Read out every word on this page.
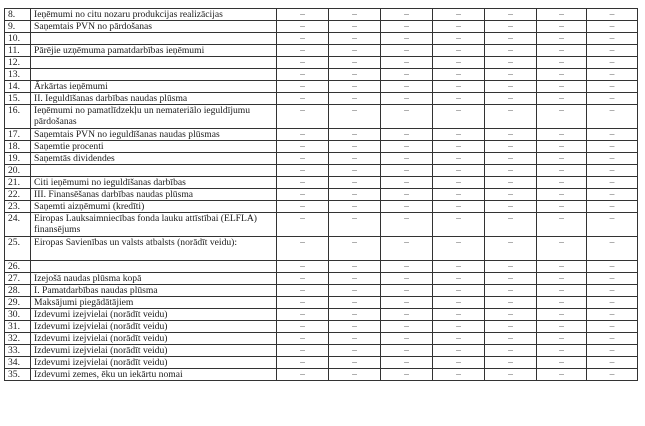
8.	Ieņēmumi no citu nozaru produkcijas realizācijas	–	–	–	–	–	–	–
9.	Saņemtais PVN no pārdošanas	–	–	–	–	–	–	–
10.		–	–	–	–	–	–	–
11.	Pārējie uzņēmuma pamatdarbības ieņēmumi	–	–	–	–	–	–	–
12.		–	–	–	–	–	–	–
13.		–	–	–	–	–	–	–
14.	Ārkārtas ieņēmumi	–	–	–	–	–	–	–
15.	II. Ieguldīšanas darbības naudas plūsma	–	–	–	–	–	–	–
16.	Ieņēmumi no pamatlīdzekļu un nemateriālo ieguldījumu pārdošanas	–	–	–	–	–	–	–
17.	Saņemtais PVN no ieguldīšanas naudas plūsmas	–	–	–	–	–	–	–
18.	Saņemtie procenti	–	–	–	–	–	–	–
19.	Saņemtās dividendes	–	–	–	–	–	–	–
20.		–	–	–	–	–	–	–
21.	Citi ieņēmumi no ieguldīšanas darbības	–	–	–	–	–	–	–
22.	III. Finansēšanas darbības naudas plūsma	–	–	–	–	–	–	–
23.	Saņemti aizņēmumi (kredīti)	–	–	–	–	–	–	–
24.	Eiropas Lauksaimniecības fonda lauku attīstībai (ELFLA) finansējums	–	–	–	–	–	–	–
25.	Eiropas Savienības un valsts atbalsts (norādīt veidu):	–	–	–	–	–	–	–
26.		–	–	–	–	–	–	–
27.	Izejošā naudas plūsma kopā	–	–	–	–	–	–	–
28.	I. Pamatdarbības naudas plūsma	–	–	–	–	–	–	–
29.	Maksājumi piegādātājiem	–	–	–	–	–	–	–
30.	Izdevumi izejvielai (norādīt veidu)	–	–	–	–	–	–	–
31.	Izdevumi izejvielai (norādīt veidu)	–	–	–	–	–	–	–
32.	Izdevumi izejvielai (norādīt veidu)	–	–	–	–	–	–	–
33.	Izdevumi izejvielai (norādīt veidu)	–	–	–	–	–	–	–
34.	Izdevumi izejvielai (norādīt veidu)	–	–	–	–	–	–	–
35.	Izdevumi zemes, ēku un iekārtu nomai	–	–	–	–	–	–	–
